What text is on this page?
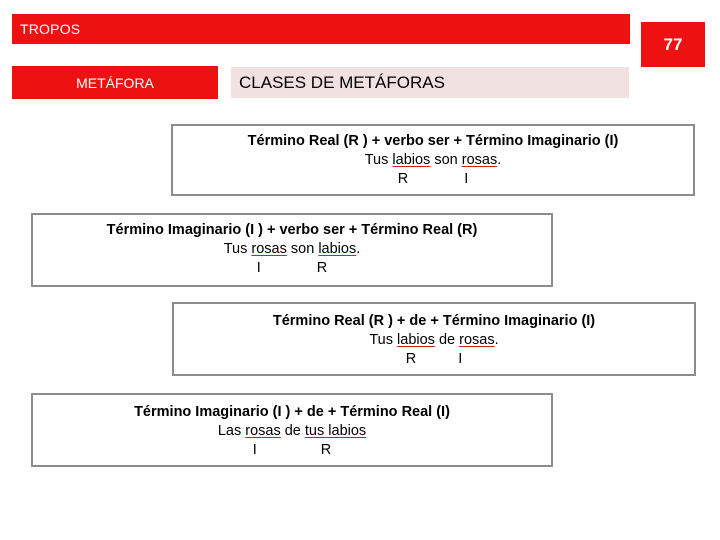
TROPOS
77
METÁFORA	CLASES DE METÁFORAS
Término Real (R ) + verbo ser + Término Imaginario (I)
Tus labios son rosas.
R	I
Término Imaginario (I ) + verbo ser + Término Real (R)
Tus rosas son labios.
I	R
Término Real (R ) + de + Término Imaginario (I)
Tus labios de rosas.
R	I
Término Imaginario (I ) + de + Término Real (I)
Las rosas de tus labios
I	R
